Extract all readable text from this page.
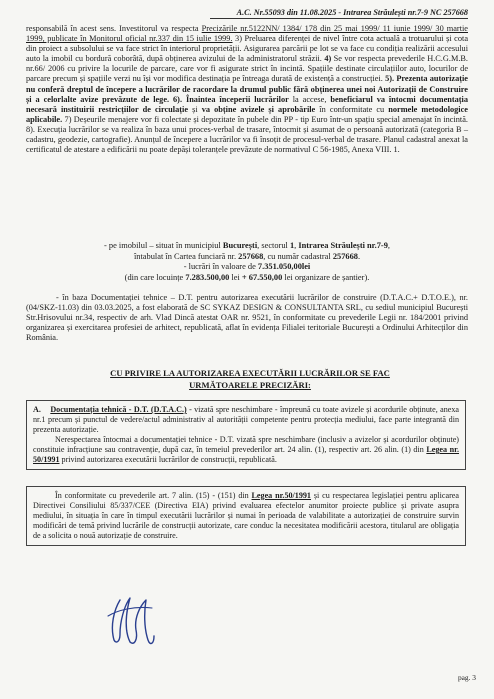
A.C. Nr.55093 din 11.08.2025 - Intrarea Străulești nr.7-9 NC 257668

responsabilă în acest sens. Investitorul va respecta Precizările nr.5122NN/ 1384/ 178 din 25 mai 1999/ 11 iunie 1999/ 30 martie 1999, publicate în Monitorul oficial nr.337 din 15 iulie 1999. 3) Preluarea diferenței de nivel între cota actuală a trotuarului și cota din proiect a subsolului se va face strict în interiorul proprietății. Asigurarea parcării pe lot se va face cu condiția realizării accesului auto la imobil cu bordură coborâtă, după obținerea avizului de la administratorul străzii. 4) Se vor respecta prevederile H.C.G.M.B. nr.66/ 2006 cu privire la locurile de parcare, care vor fi asigurate strict în incintă. Spațiile destinate circulațiilor auto, locurilor de parcare precum și spațiile verzi nu își vor modifica destinația pe întreaga durată de existență a construcției. 5). Prezenta autorizație nu conferă dreptul de începere a lucrărilor de racordare la drumul public fără obținerea unei noi Autorizații de Construire și a celorlalte avize prevăzute de lege. 6). Înaintea începerii lucrărilor la accese, beneficiarul va întocmi documentația necesară instituirii restricțiilor de circulație și va obține avizele și aprobările în conformitate cu normele metodologice aplicabile. 7) Deșeurile menajere vor fi colectate și depozitate în pubele din PP - tip Euro într-un spațiu special amenajat în incintă. 8). Execuția lucrărilor se va realiza în baza unui proces-verbal de trasare, întocmit și asumat de o persoană autorizată (categoria B – cadastru, geodezie, cartografie). Anunțul de începere a lucrărilor va fi însoțit de procesul-verbal de trasare. Planul cadastral anexat la certificatul de atestare a edificării nu poate depăși toleranțele prevăzute de normativul C 56-1985, Anexa VIII. 1.

- pe imobilul – situat în municipiul București, sectorul 1, Intrarea Străulești nr.7-9,

întabulat în Cartea funciară nr. 257668, cu număr cadastral 257668.

- lucrări în valoare de 7.351.050,00lei

(din care locuințe 7.283.500,00 lei + 67.550,00 lei organizare de șantier).

- în baza Documentației tehnice – D.T. pentru autorizarea executării lucrărilor de construire (D.T.A.C.+ D.T.O.E.), nr.(04/SKZ-11.03) din 03.03.2025, a fost elaborată de SC SYKAZ DESIGN & CONSULTANTA SRL, cu sediul municipiul București Str.Hrisovului nr.34, respectiv de arh. Vlad Dincă atestat OAR nr. 9521, în conformitate cu prevederile Legii nr. 184/2001 privind organizarea și exercitarea profesiei de arhitect, republicată, aflat în evidența Filialei teritoriale București a Ordinului Arhitecților din România.

CU PRIVIRE LA AUTORIZAREA EXECUTĂRII LUCRĂRILOR SE FAC
URMĂTOARELE PRECIZĂRI:

A. Documentația tehnică - D.T. (D.T.A.C.) - vizată spre neschimbare - împreună cu toate avizele și acordurile obținute, anexa nr.1 precum și punctul de vedere/actul administrativ al autorității competente pentru protecția mediului, face parte integrantă din prezenta autorizație.

Nerespectarea întocmai a documentației tehnice - D.T. vizată spre neschimbare (inclusiv a avizelor și acordurilor obținute) constituie infracțiune sau contravenție, după caz, în temeiul prevederilor art. 24 alin. (1), respectiv art. 26 alin. (1) din Legea nr. 50/1991 privind autorizarea executării lucrărilor de construcții, republicată.

În conformitate cu prevederile art. 7 alin. (15) - (151) din Legea nr.50/1991 și cu respectarea legislației pentru aplicarea Directivei Consiliului 85/337/CEE (Directiva EIA) privind evaluarea efectelor anumitor proiecte publice și private asupra mediului, în situația în care în timpul executării lucrărilor și numai în perioada de valabilitate a autorizației de construire survin modificări de temă privind lucrările de construcții autorizate, care conduc la necesitatea modificării acestora, titularul are obligația de a solicita o nouă autorizație de construire.

pag. 3
